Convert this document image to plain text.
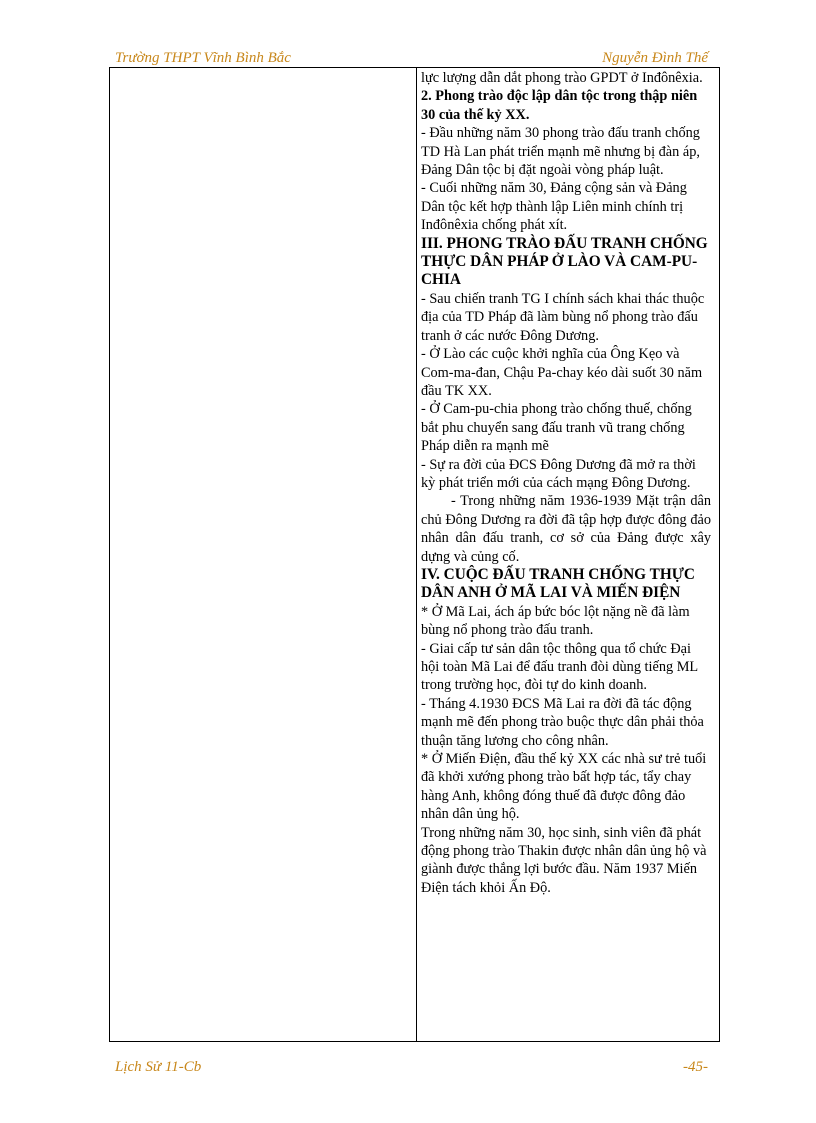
Trường THPT Vĩnh Bình Bắc	Nguyễn Đình Thế

lực lượng dẫn dắt phong trào GPDT ở Inđônêxia.

2. Phong trào độc lập dân tộc trong thập niên 30 của thế kỷ XX.

- Đầu những năm 30 phong trào đấu tranh chống TD Hà Lan phát triển mạnh mẽ nhưng bị đàn áp, Đảng Dân tộc bị đặt ngoài vòng pháp luật.

- Cuối những năm 30, Đảng cộng sản và Đảng Dân tộc kết hợp thành lập Liên minh chính trị Inđônêxia chống phát xít.

III. PHONG TRÀO ĐẤU TRANH CHỐNG THỰC DÂN PHÁP Ở LÀO VÀ CAM-PU-CHIA

- Sau chiến tranh TG I chính sách khai thác thuộc địa của TD Pháp đã làm bùng nổ phong trào đấu tranh ở các nước Đông Dương.

- Ở Lào các cuộc khởi nghĩa của Ông Kẹo và Com-ma-đan, Chậu Pa-chay kéo dài suốt 30 năm đầu TK XX.

- Ở Cam-pu-chia phong trào chống thuế, chống bắt phu chuyển sang đấu tranh vũ trang chống Pháp diễn ra mạnh mẽ

- Sự ra đời của ĐCS Đông Dương đã mở ra thời kỳ phát triển mới của cách mạng Đông Dương.

- Trong những năm 1936-1939 Mặt trận dân chủ Đông Dương ra đời đã tập hợp được đông đảo nhân dân đấu tranh, cơ sở của Đảng được xây dựng và củng cố.

IV. CUỘC ĐẤU TRANH CHỐNG THỰC DÂN ANH Ở MÃ LAI VÀ MIẾN ĐIỆN

* Ở Mã Lai, ách áp bức bóc lột nặng nề đã làm bùng nổ phong trào đấu tranh.

- Giai cấp tư sản dân tộc thông qua tổ chức Đại hội toàn Mã Lai để đấu tranh đòi dùng tiếng ML trong trường học, đòi tự do kinh doanh.

- Tháng 4.1930 ĐCS Mã Lai ra đời đã tác động mạnh mẽ đến phong trào buộc thực dân phải thỏa thuận tăng lương cho công nhân.

* Ở Miến Điện, đầu thế kỷ XX các nhà sư trẻ tuổi đã khởi xướng phong trào bất hợp tác, tẩy chay hàng Anh, không đóng thuế đã được đông đảo nhân dân ủng hộ.

Trong những năm 30, học sinh, sinh viên đã phát động phong trào Thakin được nhân dân ủng hộ và giành được thắng lợi bước đầu. Năm 1937 Miến Điện tách khỏi Ấn Độ.

Lịch Sử 11-Cb	-45-
